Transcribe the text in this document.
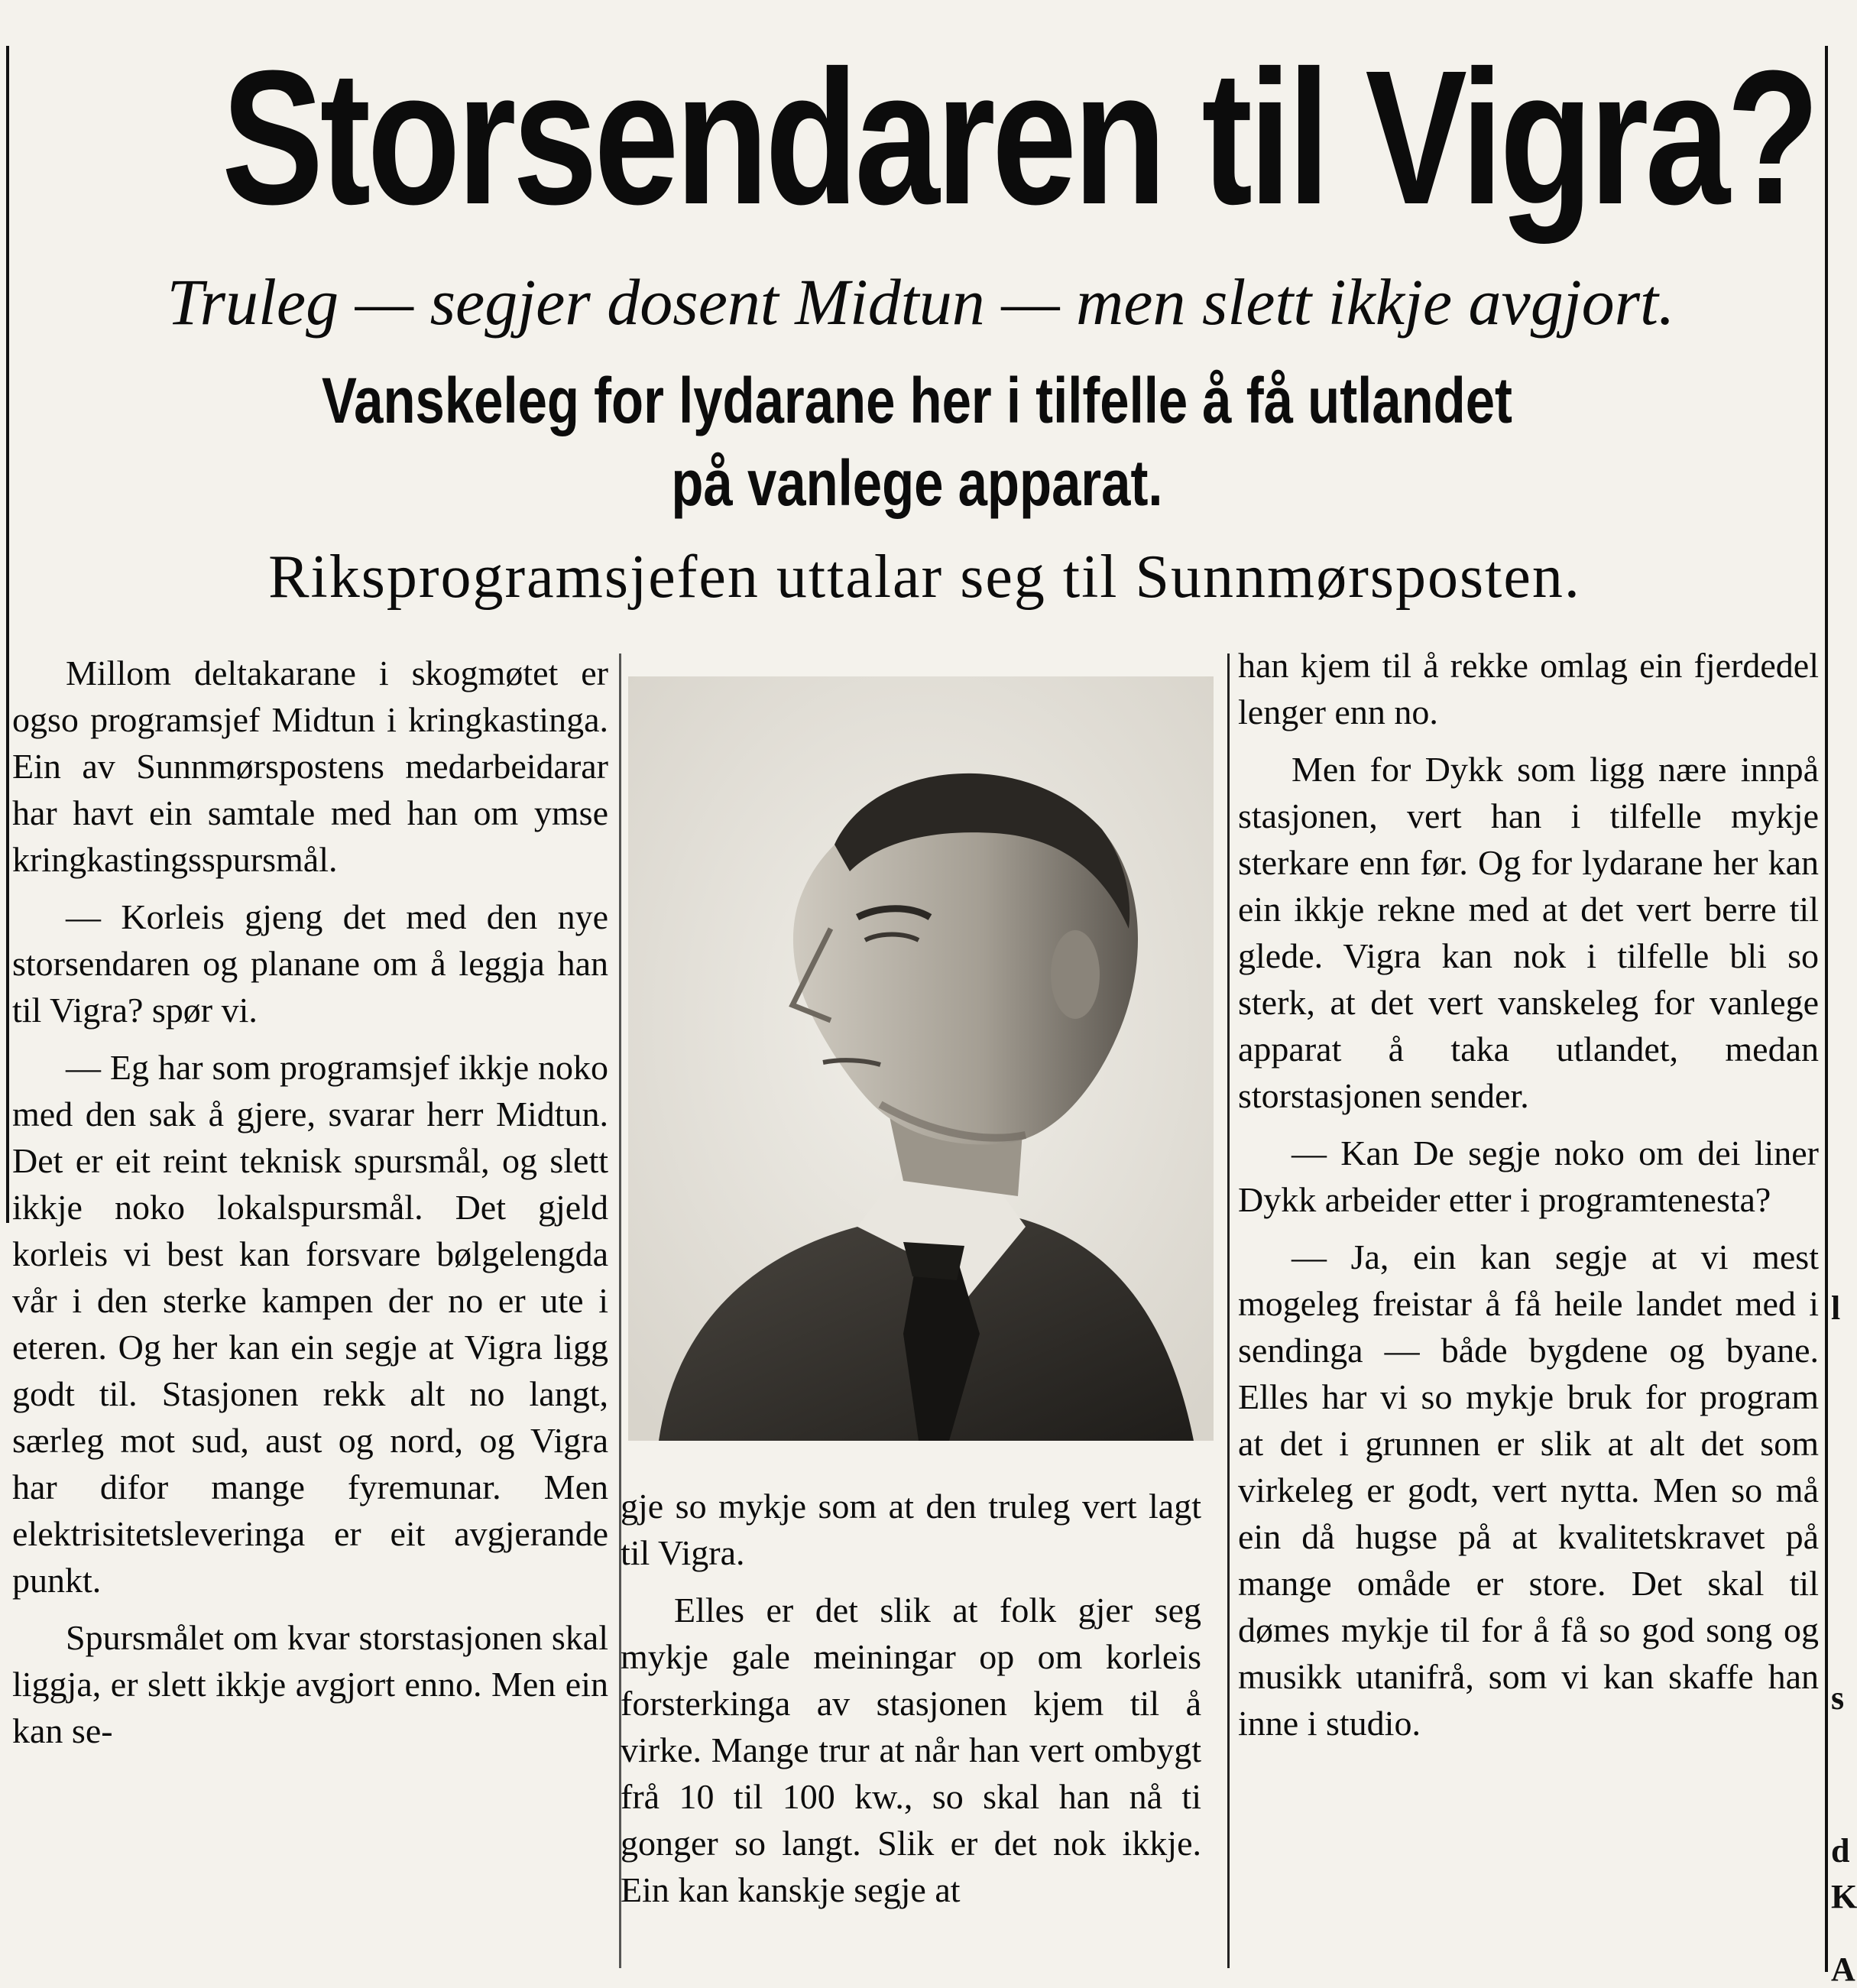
l
s
d
K
A
Storsendaren til Vigra?
Truleg — segjer dosent Midtun — men slett ikkje avgjort.
Vanskeleg for lydarane her i tilfelle å få utlandet på vanlege apparat.
Riksprogramsjefen uttalar seg til Sunnmørsposten.

Millom deltakarane i skogmøtet er ogso programsjef Midtun i kringkastinga. Ein av Sunnmørspostens medarbeidarar har havt ein samtale med han om ymse kringkastingsspursmål.

— Korleis gjeng det med den nye storsendaren og planane om å leggja han til Vigra? spør vi.

— Eg har som programsjef ikkje noko med den sak å gjere, svarar herr Midtun. Det er eit reint teknisk spursmål, og slett ikkje noko lokalspursmål. Det gjeld korleis vi best kan forsvare bølgelengda vår i den sterke kampen der no er ute i eteren. Og her kan ein segje at Vigra ligg godt til. Stasjonen rekk alt no langt, særleg mot sud, aust og nord, og Vigra har difor mange fyremunar. Men elektrisitetsleveringa er eit avgjerande punkt.

Spursmålet om kvar storstasjonen skal liggja, er slett ikkje avgjort enno. Men ein kan se-

gje so mykje som at den truleg vert lagt til Vigra.

Elles er det slik at folk gjer seg mykje gale meiningar op om korleis forsterkinga av stasjonen kjem til å virke. Mange trur at når han vert ombygt frå 10 til 100 kw., so skal han nå ti gonger so langt. Slik er det nok ikkje. Ein kan kanskje segje at

han kjem til å rekke omlag ein fjerdedel lenger enn no.

Men for Dykk som ligg nære innpå stasjonen, vert han i tilfelle mykje sterkare enn før. Og for lydarane her kan ein ikkje rekne med at det vert berre til glede. Vigra kan nok i tilfelle bli so sterk, at det vert vanskeleg for vanlege apparat å taka utlandet, medan storstasjonen sender.

— Kan De segje noko om dei liner Dykk arbeider etter i programtenesta?

— Ja, ein kan segje at vi mest mogeleg freistar å få heile landet med i sendinga — både bygdene og byane. Elles har vi so mykje bruk for program at det i grunnen er slik at alt det som virkeleg er godt, vert nytta. Men so må ein då hugse på at kvalitetskravet på mange omåde er store. Det skal til dømes mykje til for å få so god song og musikk utanifrå, som vi kan skaffe han inne i studio.
